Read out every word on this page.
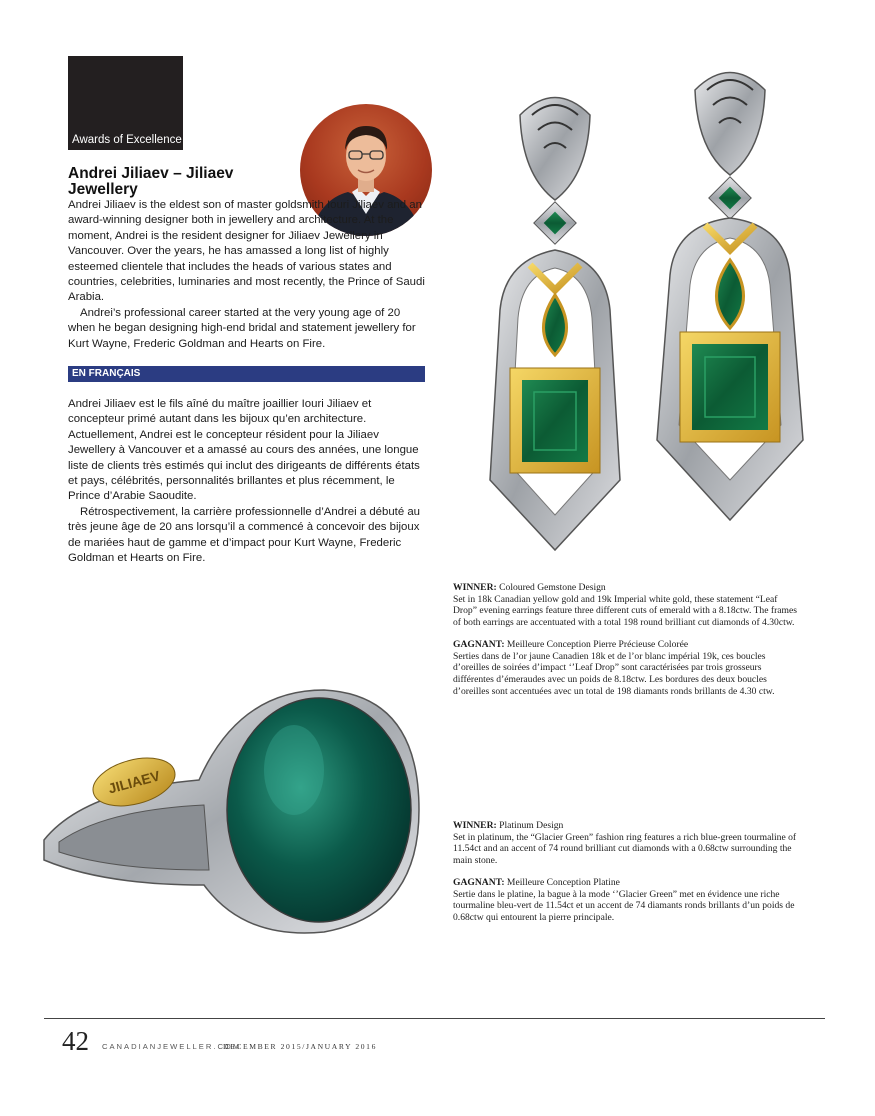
Awards of Excellence
Andrei Jiliaev – Jiliaev Jewellery

Andrei Jiliaev is the eldest son of master goldsmith Iouri Jiliaev and an award-winning designer both in jewellery and architecture. At the moment, Andrei is the resident designer for Jiliaev Jewellery in Vancouver. Over the years, he has amassed a long list of highly esteemed clientele that includes the heads of various states and countries, celebrities, luminaries and most recently, the Prince of Saudi Arabia.

Andrei’s professional career started at the very young age of 20 when he began designing high-end bridal and statement jewellery for Kurt Wayne, Frederic Goldman and Hearts on Fire.

EN FRANÇAIS

Andrei Jiliaev est le fils aîné du maître joaillier Iouri Jiliaev et concepteur primé autant dans les bijoux qu’en architecture. Actuellement, Andrei est le concepteur résident pour la Jiliaev Jewellery à Vancouver et a amassé au cours des années, une longue liste de clients très estimés qui inclut des dirigeants de différents états et pays, célébrités, personnalités brillantes et plus récemment, le Prince d’Arabie Saoudite.

Rétrospectivement, la carrière professionnelle d’Andrei a débuté au très jeune âge de 20 ans lorsqu’il a commencé à concevoir des bijoux de mariées haut de gamme et d’impact pour Kurt Wayne, Frederic Goldman et Hearts on Fire.

WINNER: Coloured Gemstone Design

Set in 18k Canadian yellow gold and 19k Imperial white gold, these statement “Leaf Drop” evening earrings feature three different cuts of emerald with a 8.18ctw. The frames of both earrings are accentuated with a total 198 round brilliant cut diamonds of 4.30ctw.

GAGNANT: Meilleure Conception Pierre Précieuse Colorée

Serties dans de l’or jaune Canadien 18k et de l’or blanc impérial 19k, ces boucles d’oreilles de soirées d’impact ‘’Leaf Drop” sont caractérisées par trois grosseurs différentes d’émeraudes avec un poids de 8.18ctw. Les bordures des deux boucles d’oreilles sont accentuées avec un total de 198 diamants ronds brillants de 4.30 ctw.

JILIAEV

WINNER: Platinum Design

Set in platinum, the “Glacier Green” fashion ring features a rich blue-green tourmaline of 11.54ct and an accent of 74 round brilliant cut diamonds with a 0.68ctw surrounding the main stone.

GAGNANT: Meilleure Conception Platine

Sertie dans le platine, la bague à la mode ‘’Glacier Green” met en évidence une riche tourmaline bleu-vert de 11.54ct et un accent de 74 diamants ronds brillants d’un poids de 0.68ctw qui entourent la pierre principale.

42 CANADIANJEWELLER.COM
DECEMBER 2015/JANUARY 2016
